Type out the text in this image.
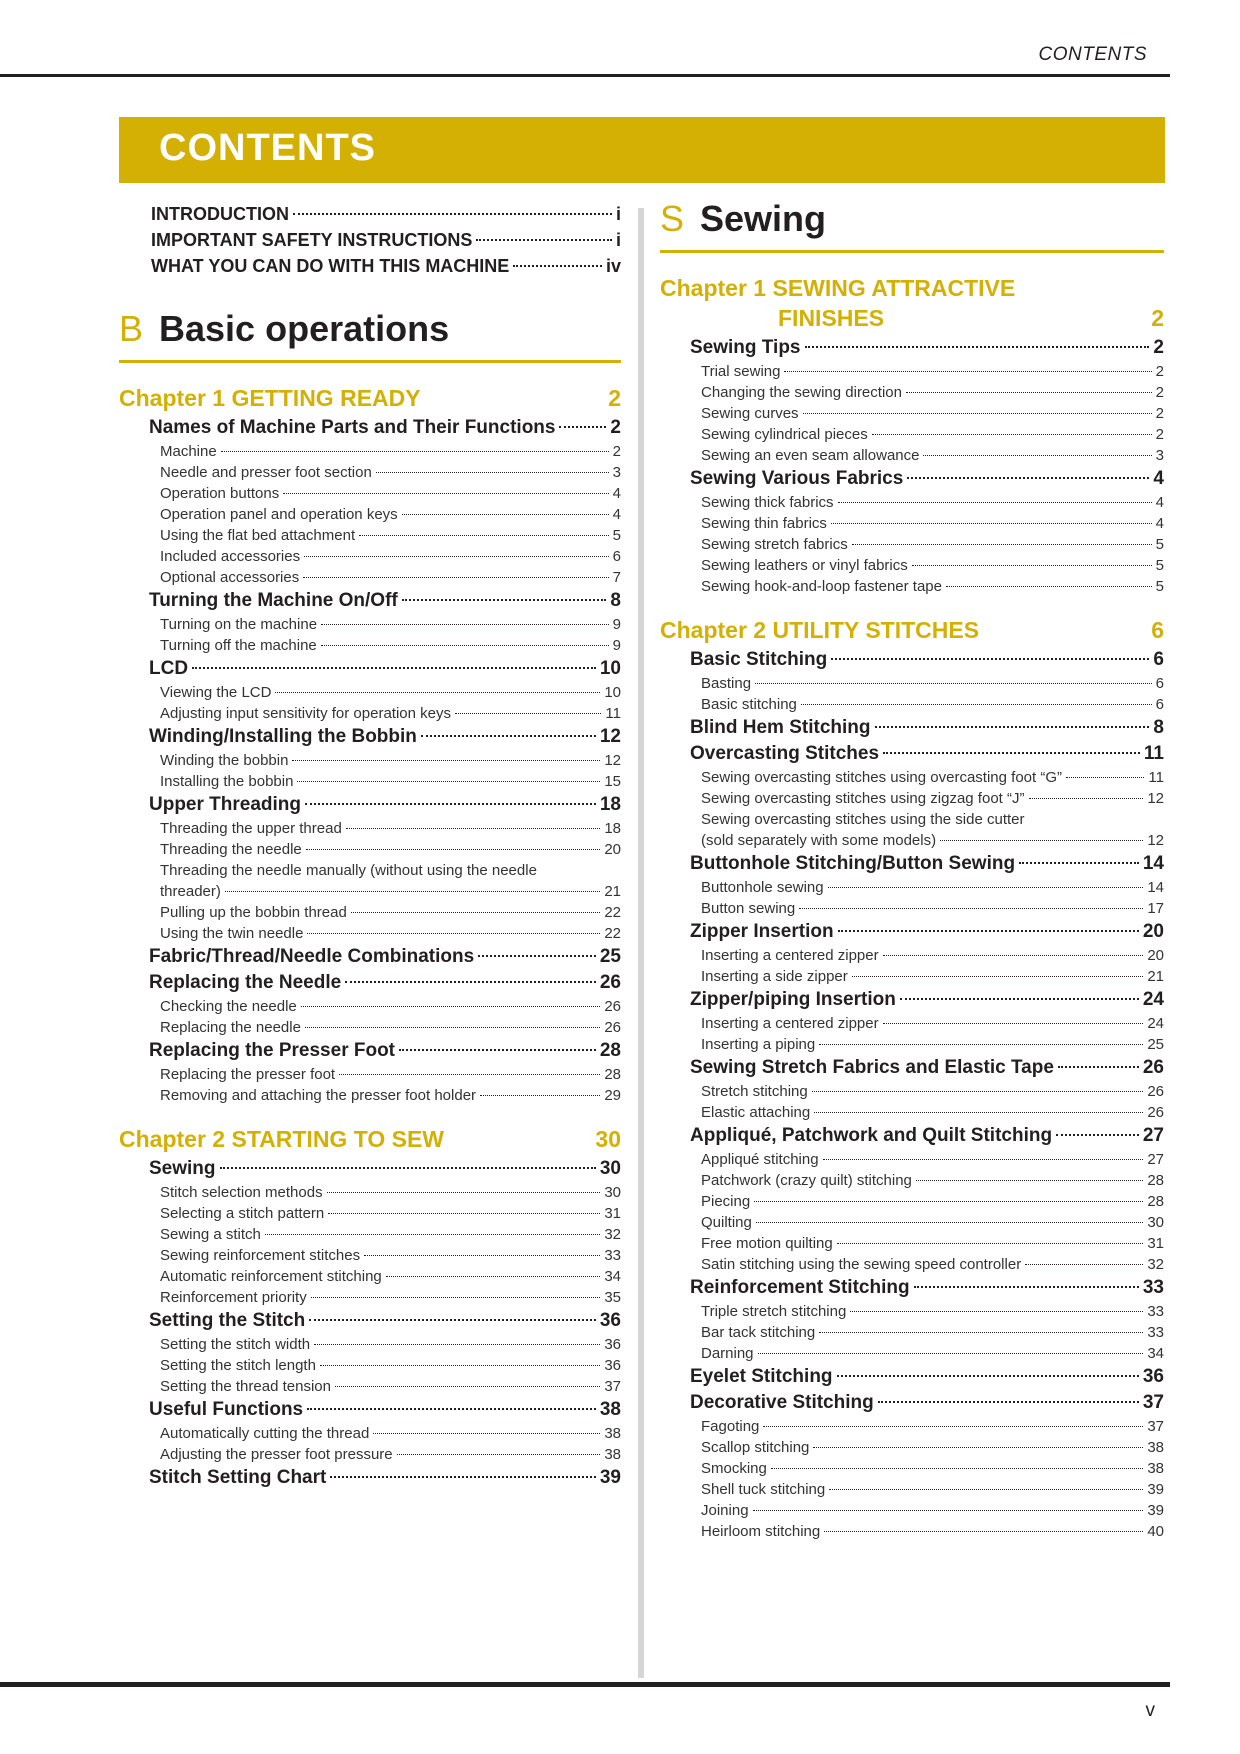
CONTENTS
CONTENTS
INTRODUCTION	i
IMPORTANT SAFETY INSTRUCTIONS	i
WHAT YOU CAN DO WITH THIS MACHINE	iv
B Basic operations
Chapter 1 GETTING READY	2
Names of Machine Parts and Their Functions	2
Machine	2
Needle and presser foot section	3
Operation buttons	4
Operation panel and operation keys	4
Using the flat bed attachment	5
Included accessories	6
Optional accessories	7
Turning the Machine On/Off	8
Turning on the machine	9
Turning off the machine	9
LCD	10
Viewing the LCD	10
Adjusting input sensitivity for operation keys	11
Winding/Installing the Bobbin	12
Winding the bobbin	12
Installing the bobbin	15
Upper Threading	18
Threading the upper thread	18
Threading the needle	20
Threading the needle manually (without using the needle
threader)	21
Pulling up the bobbin thread	22
Using the twin needle	22
Fabric/Thread/Needle Combinations	25
Replacing the Needle	26
Checking the needle	26
Replacing the needle	26
Replacing the Presser Foot	28
Replacing the presser foot	28
Removing and attaching the presser foot holder	29
Chapter 2 STARTING TO SEW	30
Sewing	30
Stitch selection methods	30
Selecting a stitch pattern	31
Sewing a stitch	32
Sewing reinforcement stitches	33
Automatic reinforcement stitching	34
Reinforcement priority	35
Setting the Stitch	36
Setting the stitch width	36
Setting the stitch length	36
Setting the thread tension	37
Useful Functions	38
Automatically cutting the thread	38
Adjusting the presser foot pressure	38
Stitch Setting Chart	39
S Sewing
Chapter 1 SEWING ATTRACTIVE
FINISHES	2
Sewing Tips	2
Trial sewing	2
Changing the sewing direction	2
Sewing curves	2
Sewing cylindrical pieces	2
Sewing an even seam allowance	3
Sewing Various Fabrics	4
Sewing thick fabrics	4
Sewing thin fabrics	4
Sewing stretch fabrics	5
Sewing leathers or vinyl fabrics	5
Sewing hook-and-loop fastener tape	5
Chapter 2 UTILITY STITCHES	6
Basic Stitching	6
Basting	6
Basic stitching	6
Blind Hem Stitching	8
Overcasting Stitches	11
Sewing overcasting stitches using overcasting foot “G”	11
Sewing overcasting stitches using zigzag foot “J”	12
Sewing overcasting stitches using the side cutter
(sold separately with some models)	12
Buttonhole Stitching/Button Sewing	14
Buttonhole sewing	14
Button sewing	17
Zipper Insertion	20
Inserting a centered zipper	20
Inserting a side zipper	21
Zipper/piping Insertion	24
Inserting a centered zipper	24
Inserting a piping	25
Sewing Stretch Fabrics and Elastic Tape	26
Stretch stitching	26
Elastic attaching	26
Appliqué, Patchwork and Quilt Stitching	27
Appliqué stitching	27
Patchwork (crazy quilt) stitching	28
Piecing	28
Quilting	30
Free motion quilting	31
Satin stitching using the sewing speed controller	32
Reinforcement Stitching	33
Triple stretch stitching	33
Bar tack stitching	33
Darning	34
Eyelet Stitching	36
Decorative Stitching	37
Fagoting	37
Scallop stitching	38
Smocking	38
Shell tuck stitching	39
Joining	39
Heirloom stitching	40
v
